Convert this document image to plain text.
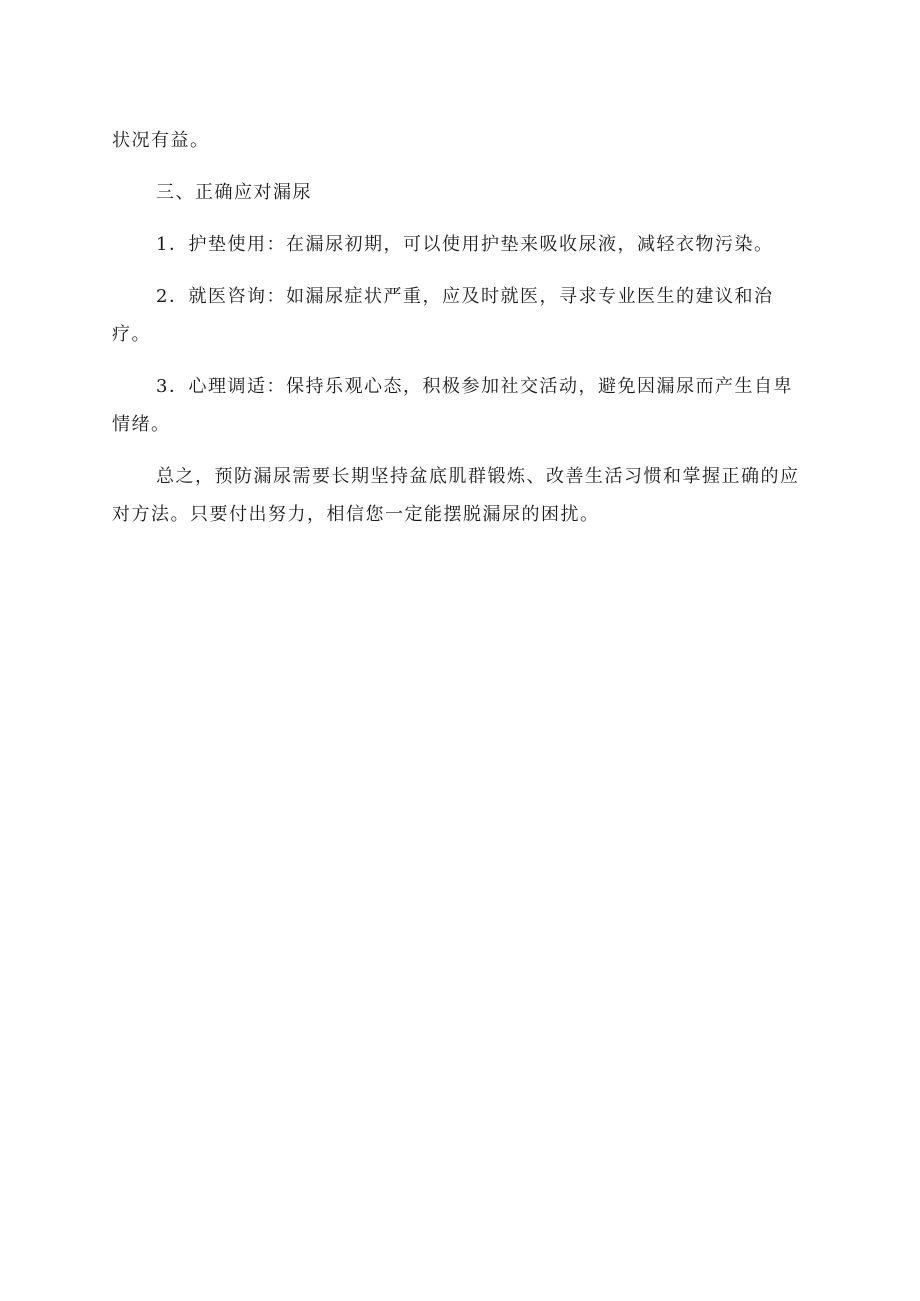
状况有益。

三、正确应对漏尿

1．护垫使用：在漏尿初期，可以使用护垫来吸收尿液，减轻衣物污染。

2．就医咨询：如漏尿症状严重，应及时就医，寻求专业医生的建议和治疗。

3．心理调适：保持乐观心态，积极参加社交活动，避免因漏尿而产生自卑情绪。

总之，预防漏尿需要长期坚持盆底肌群锻炼、改善生活习惯和掌握正确的应对方法。只要付出努力，相信您一定能摆脱漏尿的困扰。
